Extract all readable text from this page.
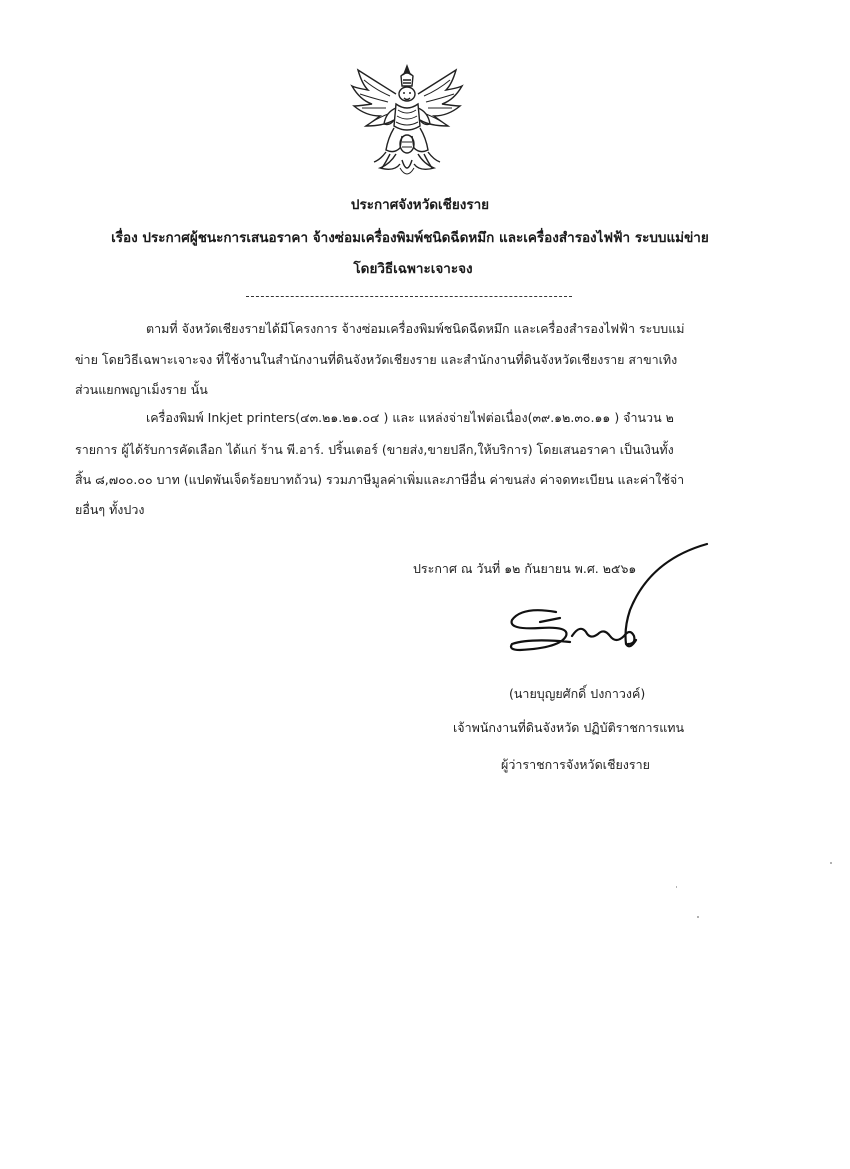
ประกาศจังหวัดเชียงราย
เรื่อง ประกาศผู้ชนะการเสนอราคา จ้างซ่อมเครื่องพิมพ์ชนิดฉีดหมึก และเครื่องสำรองไฟฟ้า ระบบแม่ข่าย
โดยวิธีเฉพาะเจาะจง
ตามที่ จังหวัดเชียงรายได้มีโครงการ จ้างซ่อมเครื่องพิมพ์ชนิดฉีดหมึก และเครื่องสำรองไฟฟ้า ระบบแม่
ข่าย โดยวิธีเฉพาะเจาะจง ที่ใช้งานในสำนักงานที่ดินจังหวัดเชียงราย และสำนักงานที่ดินจังหวัดเชียงราย สาขาเทิง
ส่วนแยกพญาเม็งราย นั้น
เครื่องพิมพ์ Inkjet printers(๔๓.๒๑.๒๑.๐๔ ) และ แหล่งจ่ายไฟต่อเนื่อง(๓๙.๑๒.๓๐.๑๑ ) จำนวน ๒
รายการ ผู้ได้รับการคัดเลือก ได้แก่ ร้าน พี.อาร์. ปริ้นเตอร์ (ขายส่ง,ขายปลีก,ให้บริการ) โดยเสนอราคา เป็นเงินทั้ง
สิ้น ๘,๗๐๐.๐๐ บาท (แปดพันเจ็ดร้อยบาทถ้วน) รวมภาษีมูลค่าเพิ่มและภาษีอื่น ค่าขนส่ง ค่าจดทะเบียน และค่าใช้จ่า
ยอื่นๆ ทั้งปวง
ประกาศ ณ วันที่ ๑๒ กันยายน พ.ศ. ๒๕๖๑
(นายบุญยศักดิ์ ปงกาวงค์)
เจ้าพนักงานที่ดินจังหวัด ปฏิบัติราชการแทน
ผู้ว่าราชการจังหวัดเชียงราย
